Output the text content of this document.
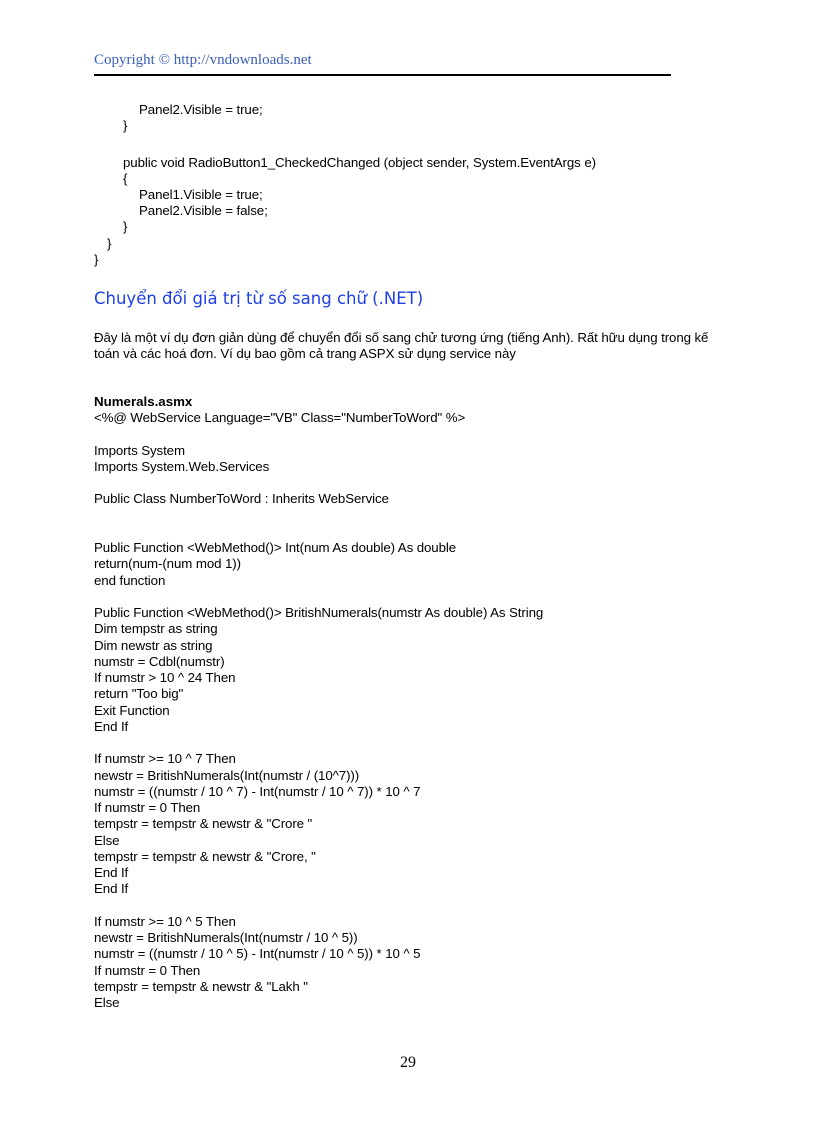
Copyright © http://vndownloads.net
Panel2.Visible = true;
}
public void RadioButton1_CheckedChanged (object sender, System.EventArgs e)
{
Panel1.Visible = true;
Panel2.Visible = false;
}
}
}
Chuyển đổi giá trị từ số sang chữ (.NET)
Đây là một ví dụ đơn giản dùng để chuyển đổi số sang chử tương ứng (tiếng Anh). Rất hữu dụng trong kế toán và các hoá đơn. Ví dụ bao gồm cả trang ASPX sử dụng service này
Numerals.asmx
<%@ WebService Language="VB" Class="NumberToWord" %>
Imports System
Imports System.Web.Services
Public Class NumberToWord : Inherits WebService
Public Function <WebMethod()> Int(num As double) As double
return(num-(num mod 1))
end function
Public Function <WebMethod()> BritishNumerals(numstr As double) As String
Dim tempstr as string
Dim newstr as string
numstr = Cdbl(numstr)
If numstr > 10 ^ 24 Then
return "Too big"
Exit Function
End If
If numstr >= 10 ^ 7 Then
newstr = BritishNumerals(Int(numstr / (10^7)))
numstr = ((numstr / 10 ^ 7) - Int(numstr / 10 ^ 7)) * 10 ^ 7
If numstr = 0 Then
tempstr = tempstr & newstr & "Crore "
Else
tempstr = tempstr & newstr & "Crore, "
End If
End If
If numstr >= 10 ^ 5 Then
newstr = BritishNumerals(Int(numstr / 10 ^ 5))
numstr = ((numstr / 10 ^ 5) - Int(numstr / 10 ^ 5)) * 10 ^ 5
If numstr = 0 Then
tempstr = tempstr & newstr & "Lakh "
Else
29
